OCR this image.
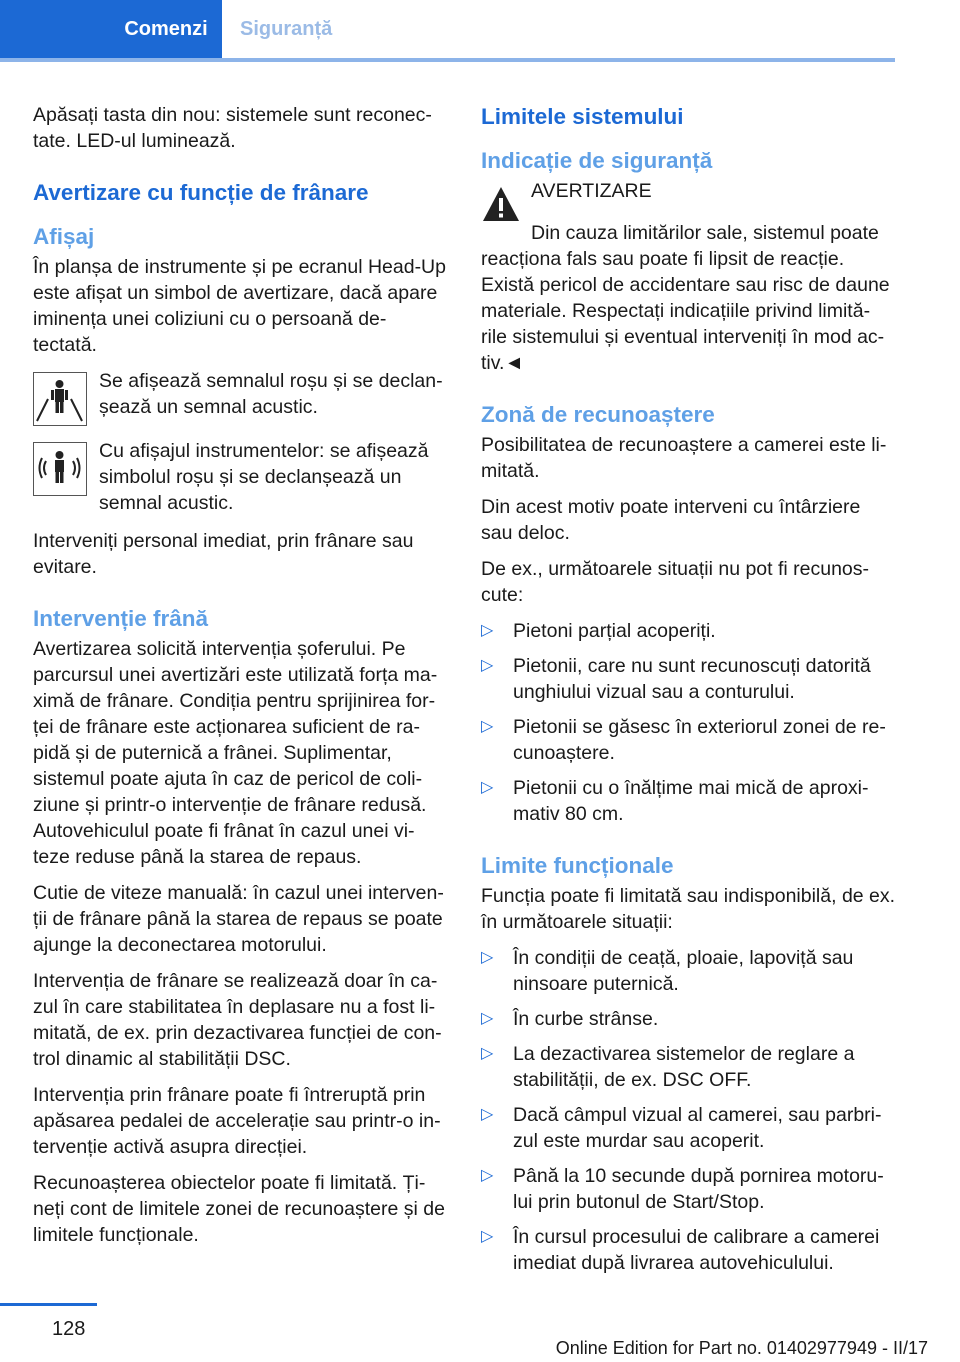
Comenzi Siguranță

Apăsați tasta din nou: sistemele sunt reconec‐tate. LED-ul luminează.

Avertizare cu funcție de frânare
Afișaj

În planșa de instrumente și pe ecranul Head-Up este afișat un simbol de avertizare, dacă apare iminența unei coliziuni cu o persoană de‐tectată.

Se afișează semnalul roșu și se declan‐șează un semnal acustic.
Cu afișajul instrumentelor: se afișează simbolul roșu și se declanșează un semnal acustic.

Interveniți personal imediat, prin frânare sau evitare.

Intervenție frână

Avertizarea solicită intervenția șoferului. Pe parcursul unei avertizări este utilizată forța ma‐ximă de frânare. Condiția pentru sprijinirea for‐ței de frânare este acționarea suficient de ra‐pidă și de puternică a frânei. Suplimentar, sistemul poate ajuta în caz de pericol de coli‐ziune și printr-o intervenție de frânare redusă. Autovehiculul poate fi frânat în cazul unei vi‐teze reduse până la starea de repaus.

Cutie de viteze manuală: în cazul unei interven‐ții de frânare până la starea de repaus se poate ajunge la deconectarea motorului.

Intervenția de frânare se realizează doar în ca‐zul în care stabilitatea în deplasare nu a fost li‐mitată, de ex. prin dezactivarea funcției de con‐trol dinamic al stabilității DSC.

Intervenția prin frânare poate fi întreruptă prin apăsarea pedalei de accelerație sau printr-o in‐tervenție activă asupra direcției.

Recunoașterea obiectelor poate fi limitată. Ți‐neți cont de limitele zonei de recunoaștere și de limitele funcționale.

Limitele sistemului
Indicație de siguranță

AVERTIZARE

Din cauza limitărilor sale, sistemul poate reacționa fals sau poate fi lipsit de reacție. Există pericol de accidentare sau risc de daune materiale. Respectați indicațiile privind limită‐rile sistemului și eventual interveniți în mod ac‐tiv.◄

Zonă de recunoaștere

Posibilitatea de recunoaștere a camerei este li‐mitată.

Din acest motiv poate interveni cu întârziere sau deloc.

De ex., următoarele situații nu pot fi recunos‐cute:

▷ Pietoni parțial acoperiți.
▷ Pietonii, care nu sunt recunoscuți datorită unghiului vizual sau a conturului.
▷ Pietonii se găsesc în exteriorul zonei de re‐cunoaștere.
▷ Pietonii cu o înălțime mai mică de aproxi‐mativ 80 cm.
Limite funcționale

Funcția poate fi limitată sau indisponibilă, de ex. în următoarele situații:

▷ În condiții de ceață, ploaie, lapoviță sau ninsoare puternică.
▷ În curbe strânse.
▷ La dezactivarea sistemelor de reglare a stabilității, de ex. DSC OFF.
▷ Dacă câmpul vizual al camerei, sau parbri‐zul este murdar sau acoperit.
▷ Până la 10 secunde după pornirea motoru‐lui prin butonul de Start/Stop.
▷ În cursul procesului de calibrare a camerei imediat după livrarea autovehiculului.
128
Online Edition for Part no. 01402977949 - II/17
